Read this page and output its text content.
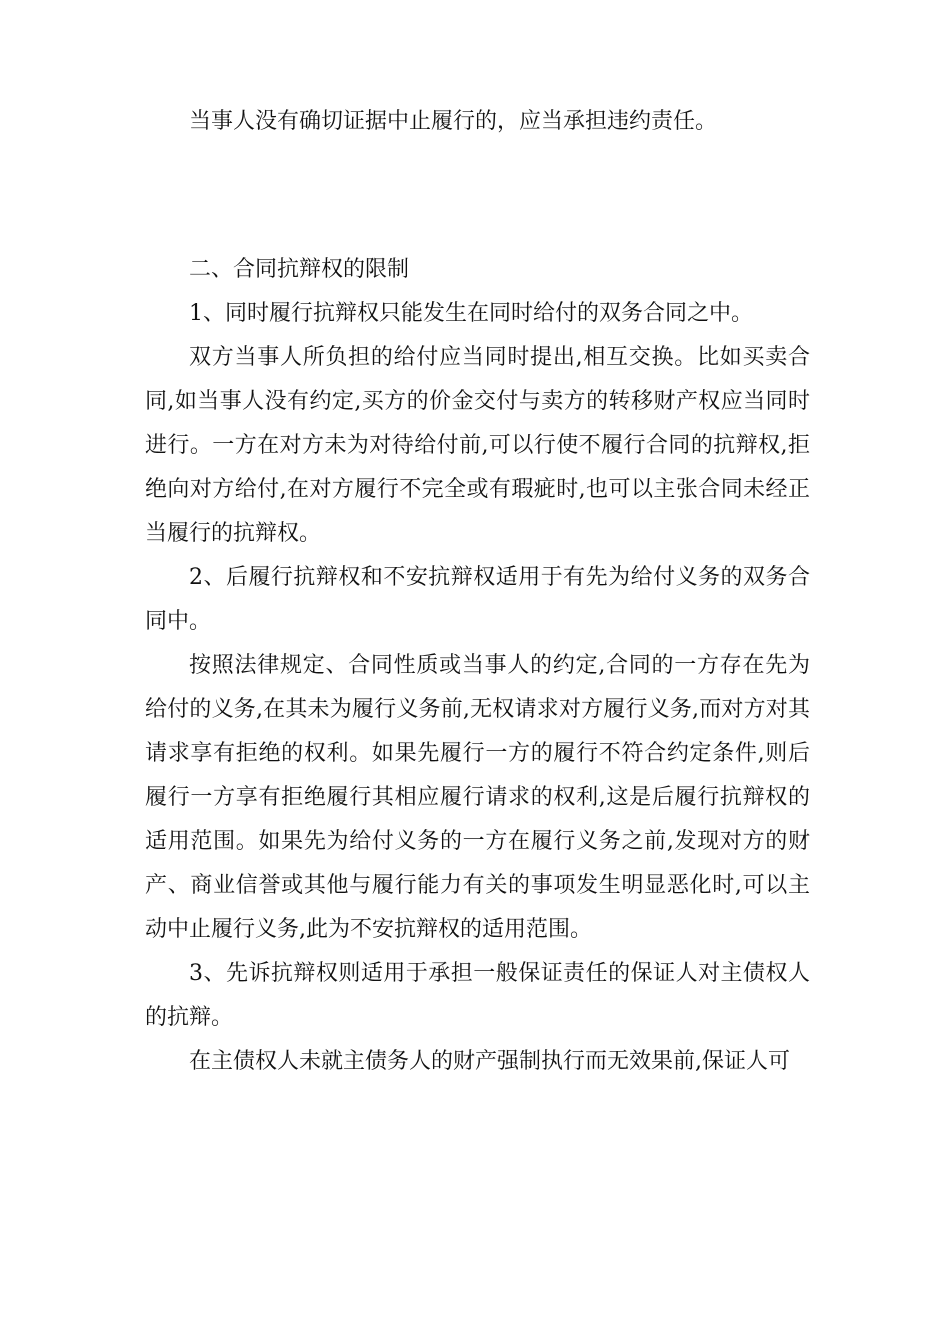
当事人没有确切证据中止履行的，应当承担违约责任。

二、合同抗辩权的限制

1、同时履行抗辩权只能发生在同时给付的双务合同之中。

双方当事人所负担的给付应当同时提出,相互交换。比如买卖合同,如当事人没有约定,买方的价金交付与卖方的转移财产权应当同时进行。一方在对方未为对待给付前,可以行使不履行合同的抗辩权,拒绝向对方给付,在对方履行不完全或有瑕疵时,也可以主张合同未经正当履行的抗辩权。

2、后履行抗辩权和不安抗辩权适用于有先为给付义务的双务合同中。

按照法律规定、合同性质或当事人的约定,合同的一方存在先为给付的义务,在其未为履行义务前,无权请求对方履行义务,而对方对其请求享有拒绝的权利。如果先履行一方的履行不符合约定条件,则后履行一方享有拒绝履行其相应履行请求的权利,这是后履行抗辩权的适用范围。如果先为给付义务的一方在履行义务之前,发现对方的财产、商业信誉或其他与履行能力有关的事项发生明显恶化时,可以主动中止履行义务,此为不安抗辩权的适用范围。

3、先诉抗辩权则适用于承担一般保证责任的保证人对主债权人的抗辩。

在主债权人未就主债务人的财产强制执行而无效果前,保证人可
